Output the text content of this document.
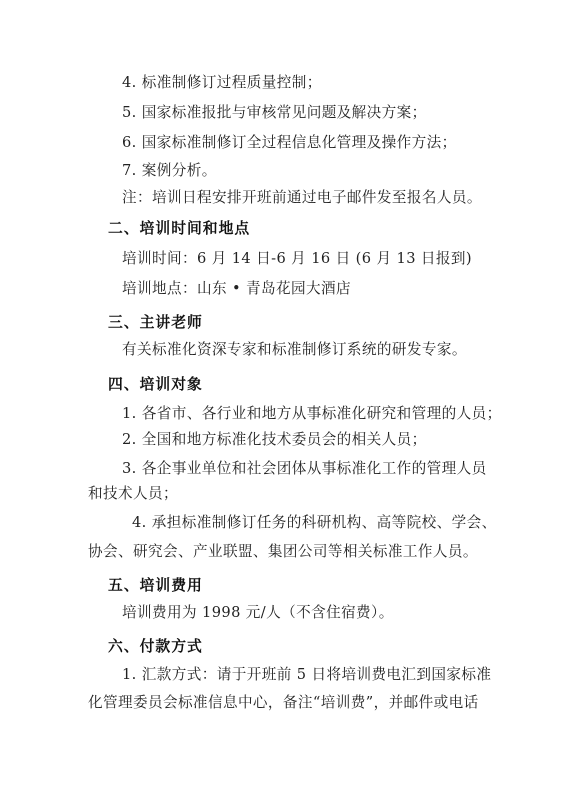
4. 标准制修订过程质量控制；
5. 国家标准报批与审核常见问题及解决方案；
6. 国家标准制修订全过程信息化管理及操作方法；
7. 案例分析。
注：培训日程安排开班前通过电子邮件发至报名人员。
二、培训时间和地点
培训时间：6 月 14 日-6 月 16 日 (6 月 13 日报到)
培训地点：山东 • 青岛花园大酒店
三、主讲老师
有关标准化资深专家和标准制修订系统的研发专家。
四、培训对象
1. 各省市、各行业和地方从事标准化研究和管理的人员；
2. 全国和地方标准化技术委员会的相关人员；
3. 各企事业单位和社会团体从事标准化工作的管理人员
和技术人员；
4. 承担标准制修订任务的科研机构、高等院校、学会、
协会、研究会、产业联盟、集团公司等相关标准工作人员。
五、培训费用
培训费用为 1998 元/人（不含住宿费）。
六、付款方式
1. 汇款方式：请于开班前 5 日将培训费电汇到国家标准
化管理委员会标准信息中心，备注“培训费”，并邮件或电话
